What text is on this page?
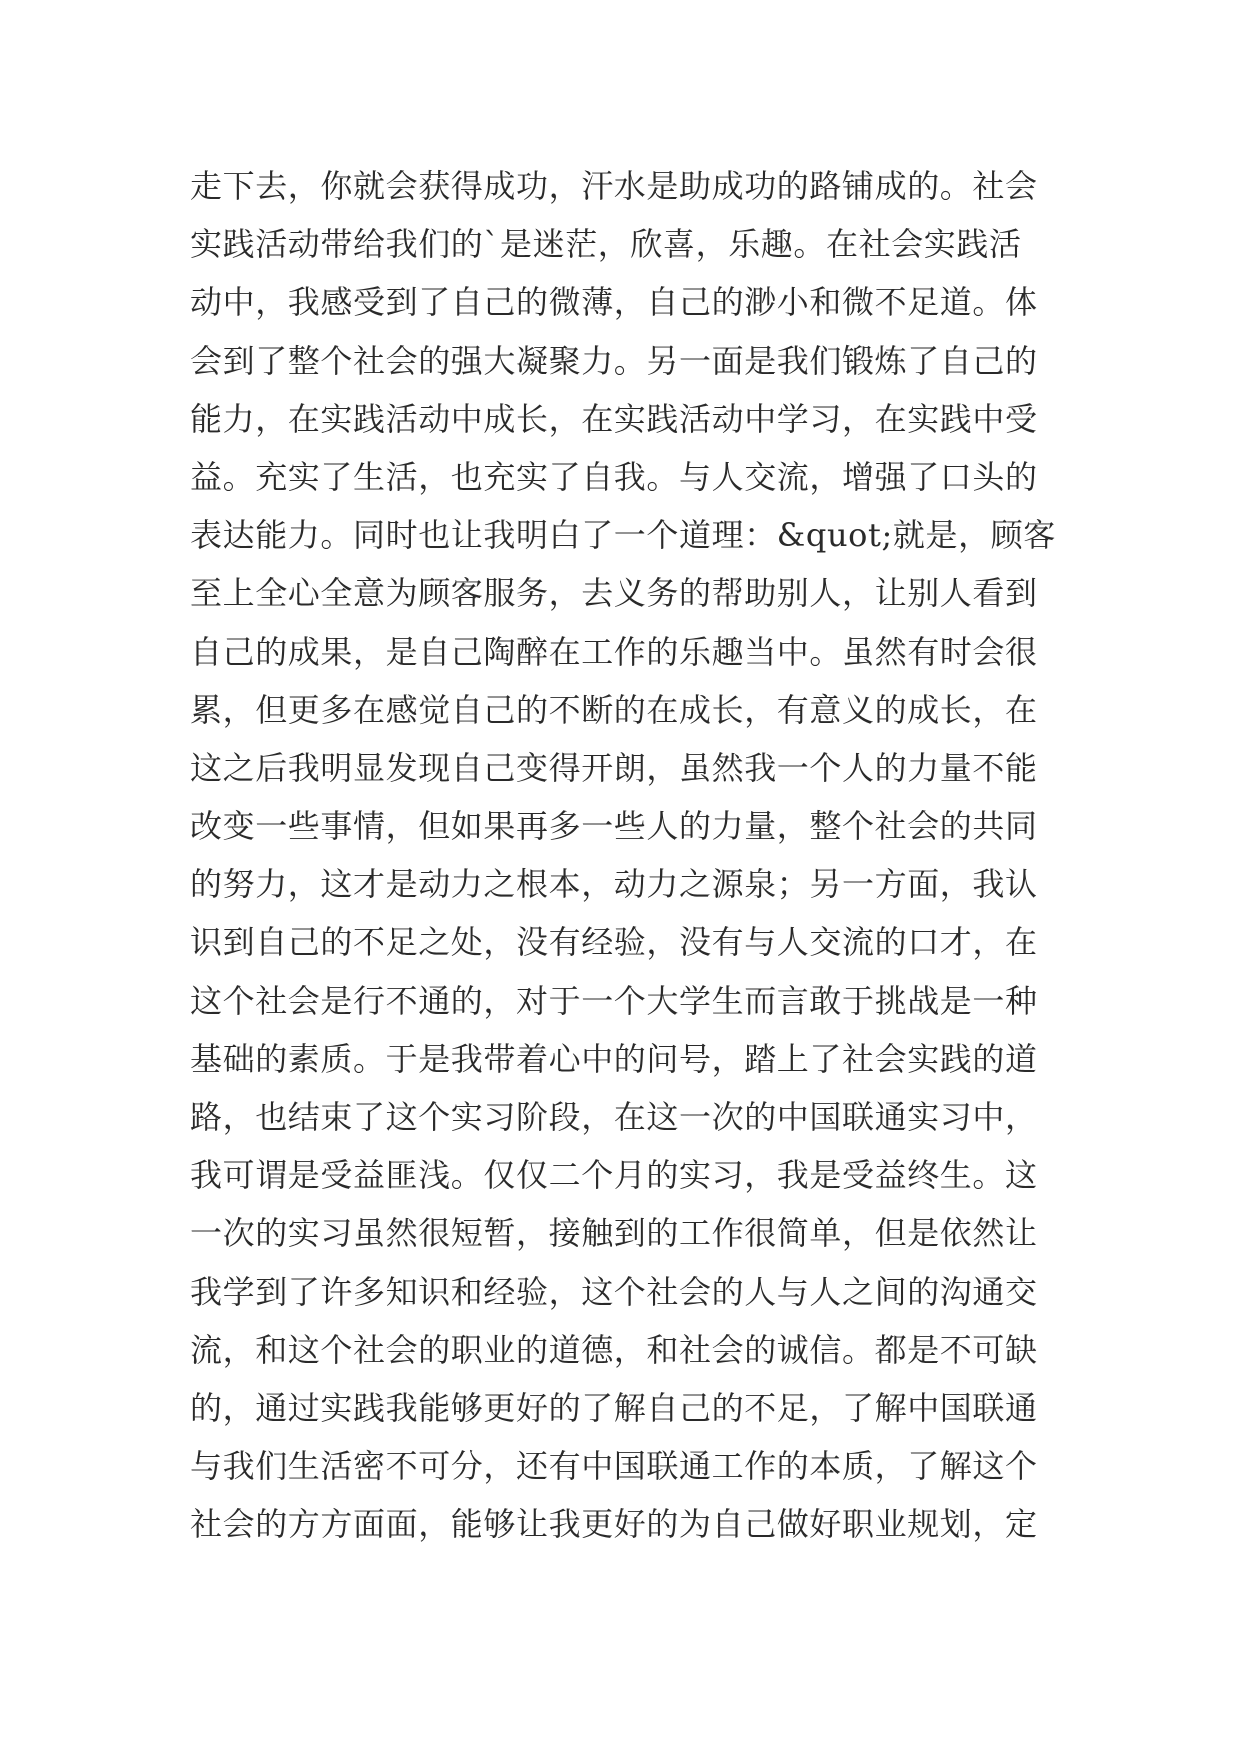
走下去，你就会获得成功，汗水是助成功的路铺成的。社会
实践活动带给我们的`是迷茫，欣喜，乐趣。在社会实践活
动中，我感受到了自己的微薄，自己的渺小和微不足道。体
会到了整个社会的强大凝聚力。另一面是我们锻炼了自己的
能力，在实践活动中成长，在实践活动中学习，在实践中受
益。充实了生活，也充实了自我。与人交流，增强了口头的
表达能力。同时也让我明白了一个道理：&quot;就是，顾客
至上全心全意为顾客服务，去义务的帮助别人，让别人看到
自己的成果，是自己陶醉在工作的乐趣当中。虽然有时会很
累，但更多在感觉自己的不断的在成长，有意义的成长，在
这之后我明显发现自己变得开朗，虽然我一个人的力量不能
改变一些事情，但如果再多一些人的力量，整个社会的共同
的努力，这才是动力之根本，动力之源泉；另一方面，我认
识到自己的不足之处，没有经验，没有与人交流的口才，在
这个社会是行不通的，对于一个大学生而言敢于挑战是一种
基础的素质。于是我带着心中的问号，踏上了社会实践的道
路，也结束了这个实习阶段，在这一次的中国联通实习中，
我可谓是受益匪浅。仅仅二个月的实习，我是受益终生。这
一次的实习虽然很短暂，接触到的工作很简单，但是依然让
我学到了许多知识和经验，这个社会的人与人之间的沟通交
流，和这个社会的职业的道德，和社会的诚信。都是不可缺
的，通过实践我能够更好的了解自己的不足，了解中国联通
与我们生活密不可分，还有中国联通工作的本质，了解这个
社会的方方面面，能够让我更好的为自己做好职业规划，定
